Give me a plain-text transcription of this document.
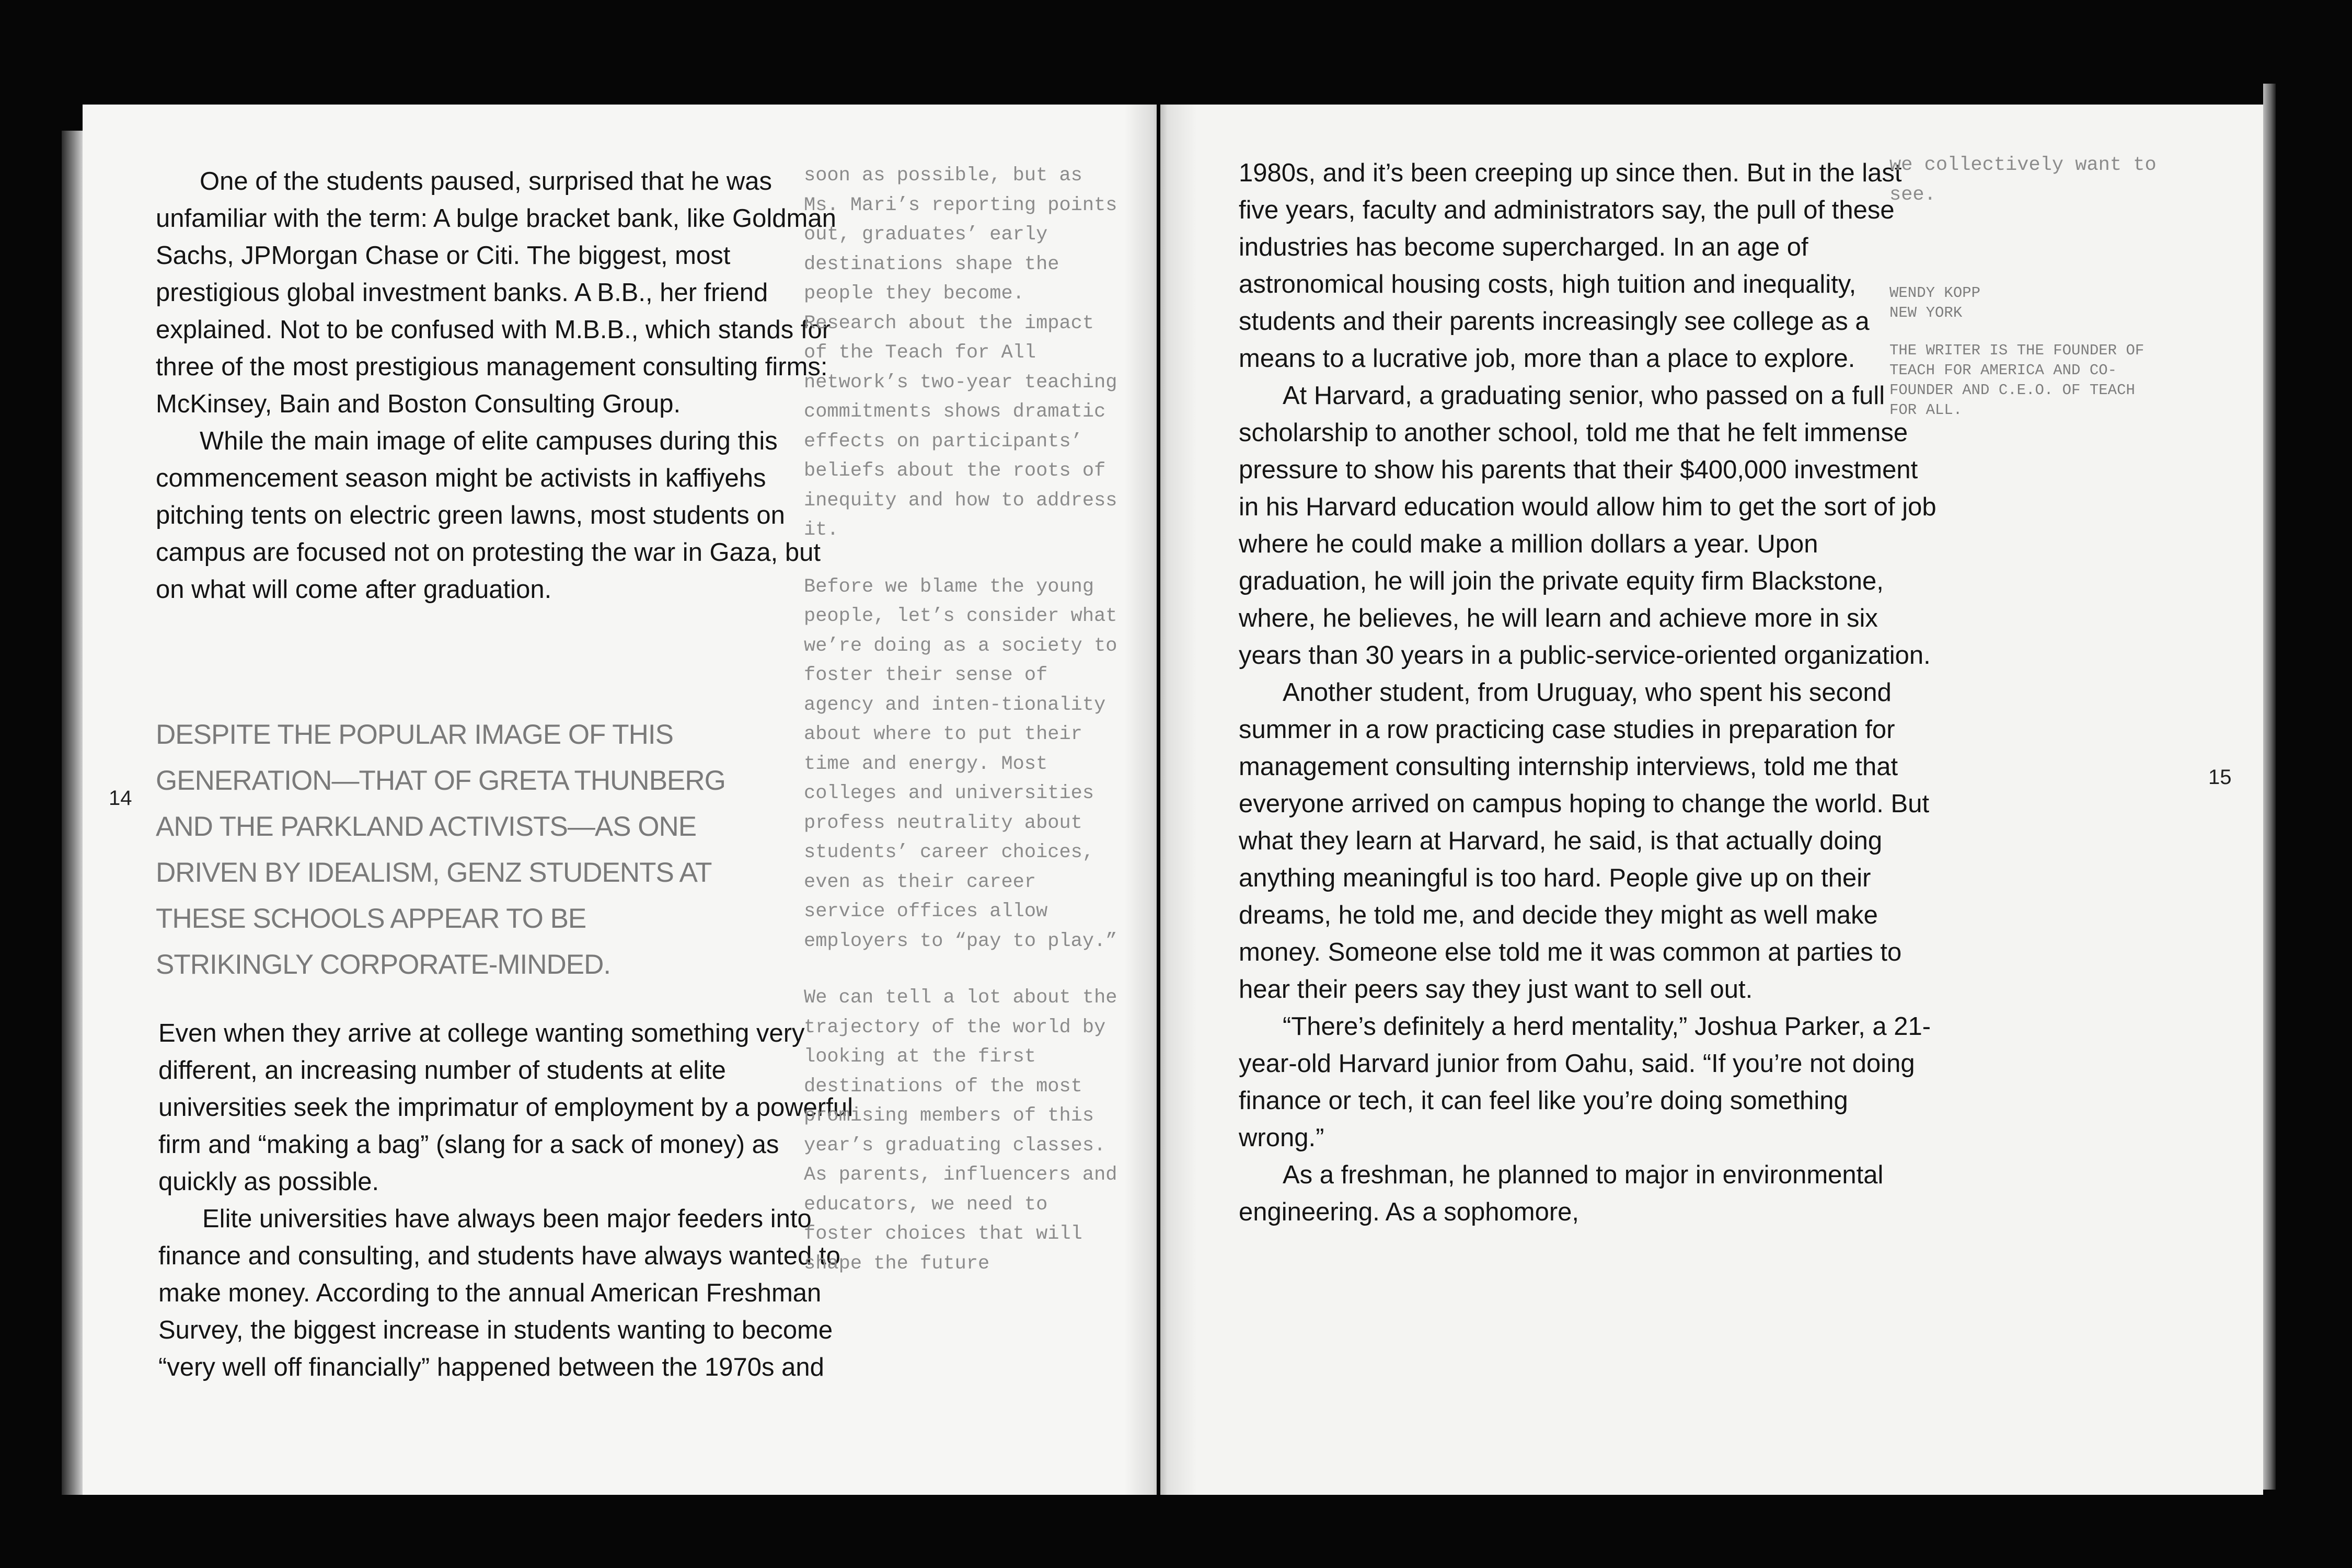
One of the students paused, surprised that he was unfamiliar with the term: A bulge bracket bank, like Goldman Sachs, JPMorgan Chase or Citi. The biggest, most prestigious global investment banks. A B.B., her friend explained. Not to be confused with M.B.B., which stands for three of the most prestigious management consulting firms: McKinsey, Bain and Boston Consulting Group.

While the main image of elite campuses during this commencement season might be activists in kaffiyehs pitching tents on electric green lawns, most students on campus are focused not on protesting the war in Gaza, but on what will come after graduation.

DESPITE THE POPULAR IMAGE OF THIS GENERATION—THAT OF GRETA THUNBERG AND THE PARKLAND ACTIVISTS—AS ONE DRIVEN BY IDEALISM, GENZ STUDENTS AT THESE SCHOOLS APPEAR TO BE STRIKINGLY CORPORATE-MINDED.

Even when they arrive at college wanting something very different, an increasing number of students at elite universities seek the imprimatur of employment by a powerful firm and “making a bag” (slang for a sack of money) as quickly as possible.

Elite universities have always been major feeders into finance and consulting, and students have always wanted to make money. According to the annual American Freshman Survey, the biggest increase in students wanting to become “very well off financially” happened between the 1970s and

soon as possible, but as Ms. Mari’s reporting points out, graduates’ early destinations shape the people they become. Research about the impact of the Teach for All network’s two-year teaching commitments shows dramatic effects on participants’ beliefs about the roots of inequity and how to address it.

Before we blame the young people, let’s consider what we’re doing as a society to foster their sense of agency and inten-tionality about where to put their time and energy. Most colleges and universities profess neutrality about students’ career choices, even as their career service offices allow employers to “pay to play.”

We can tell a lot about the trajectory of the world by looking at the first destinations of the most promising members of this year’s graduating classes. As parents, influencers and educators, we need to foster choices that will shape the future

14

1980s, and it’s been creeping up since then. But in the last five years, faculty and administrators say, the pull of these industries has become supercharged. In an age of astronomical housing costs, high tuition and inequality, students and their parents increasingly see college as a means to a lucrative job, more than a place to explore.

At Harvard, a graduating senior, who passed on a full scholarship to another school, told me that he felt immense pressure to show his parents that their $400,000 investment in his Harvard education would allow him to get the sort of job where he could make a million dollars a year. Upon graduation, he will join the private equity firm Blackstone, where, he believes, he will learn and achieve more in six years than 30 years in a public-service-oriented organization.

Another student, from Uruguay, who spent his second summer in a row practicing case studies in preparation for management consulting internship interviews, told me that everyone arrived on campus hoping to change the world. But what they learn at Harvard, he said, is that actually doing anything meaningful is too hard. People give up on their dreams, he told me, and decide they might as well make money. Someone else told me it was common at parties to hear their peers say they just want to sell out.

“There’s definitely a herd mentality,” Joshua Parker, a 21-year-old Harvard junior from Oahu, said. “If you’re not doing finance or tech, it can feel like you’re doing something wrong.”

As a freshman, he planned to major in environmental engineering. As a sophomore,

we collectively want to see.

WENDY KOPP
NEW YORK
THE WRITER IS THE FOUNDER OF TEACH FOR AMERICA AND CO-FOUNDER AND C.E.O. OF TEACH FOR ALL.
15
